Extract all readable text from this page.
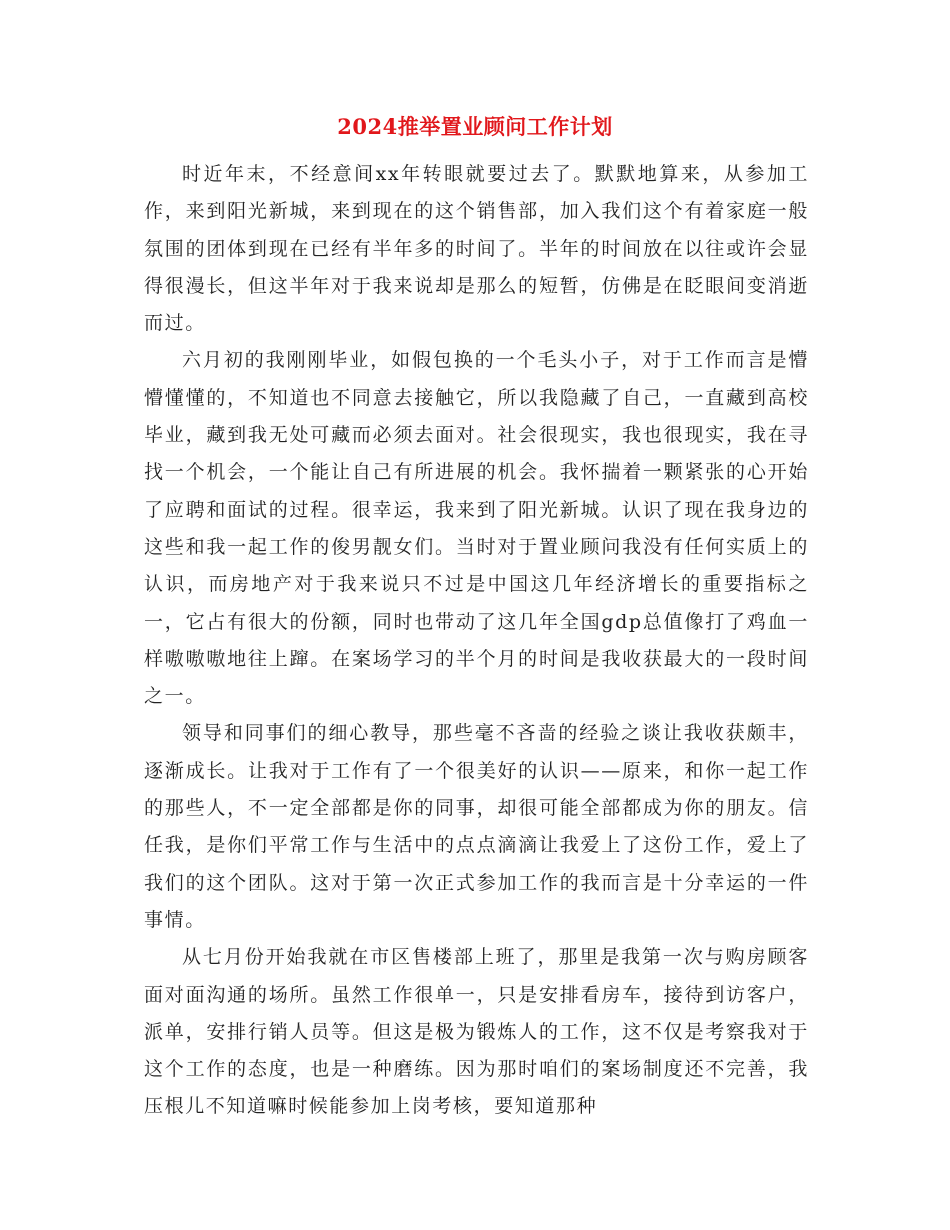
2024推举置业顾问工作计划

时近年末，不经意间xx年转眼就要过去了。默默地算来，从参加工作，来到阳光新城，来到现在的这个销售部，加入我们这个有着家庭一般氛围的团体到现在已经有半年多的时间了。半年的时间放在以往或许会显得很漫长，但这半年对于我来说却是那么的短暂，仿佛是在眨眼间变消逝而过。

六月初的我刚刚毕业，如假包换的一个毛头小子，对于工作而言是懵懵懂懂的，不知道也不同意去接触它，所以我隐藏了自己，一直藏到高校毕业，藏到我无处可藏而必须去面对。社会很现实，我也很现实，我在寻找一个机会，一个能让自己有所进展的机会。我怀揣着一颗紧张的心开始了应聘和面试的过程。很幸运，我来到了阳光新城。认识了现在我身边的这些和我一起工作的俊男靓女们。当时对于置业顾问我没有任何实质上的认识，而房地产对于我来说只不过是中国这几年经济增长的重要指标之一，它占有很大的份额，同时也带动了这几年全国gdp总值像打了鸡血一样嗷嗷嗷地往上蹿。在案场学习的半个月的时间是我收获最大的一段时间之一。

领导和同事们的细心教导，那些毫不吝啬的经验之谈让我收获颇丰，逐渐成长。让我对于工作有了一个很美好的认识——原来，和你一起工作的那些人，不一定全部都是你的同事，却很可能全部都成为你的朋友。信任我，是你们平常工作与生活中的点点滴滴让我爱上了这份工作，爱上了我们的这个团队。这对于第一次正式参加工作的我而言是十分幸运的一件事情。

从七月份开始我就在市区售楼部上班了，那里是我第一次与购房顾客面对面沟通的场所。虽然工作很单一，只是安排看房车，接待到访客户，派单，安排行销人员等。但这是极为锻炼人的工作，这不仅是考察我对于这个工作的态度，也是一种磨练。因为那时咱们的案场制度还不完善，我压根儿不知道嘛时候能参加上岗考核，要知道那种
